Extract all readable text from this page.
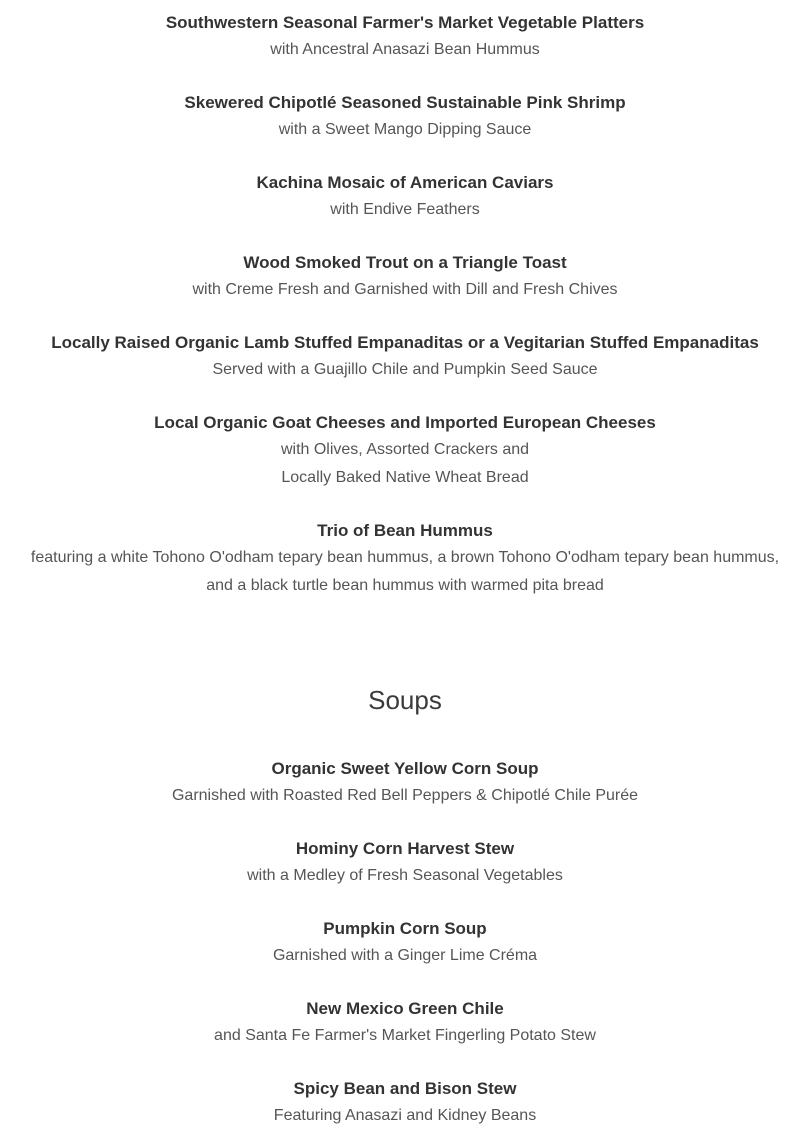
Southwestern Seasonal Farmer's Market Vegetable Platters
with Ancestral Anasazi Bean Hummus
Skewered Chipotlé Seasoned Sustainable Pink Shrimp
with a Sweet Mango Dipping Sauce
Kachina Mosaic of American Caviars
with Endive Feathers
Wood Smoked Trout on a Triangle Toast
with Creme Fresh and Garnished with Dill and Fresh Chives
Locally Raised Organic Lamb Stuffed Empanaditas or a Vegitarian Stuffed Empanaditas
Served with a Guajillo Chile and Pumpkin Seed Sauce
Local Organic Goat Cheeses and Imported European Cheeses
with Olives, Assorted Crackers and
Locally Baked Native Wheat Bread
Trio of Bean Hummus
featuring a white Tohono O'odham tepary bean hummus, a brown Tohono O'odham tepary bean hummus, and a black turtle bean hummus with warmed pita bread
Soups
Organic Sweet Yellow Corn Soup
Garnished with Roasted Red Bell Peppers & Chipotlé Chile Purée
Hominy Corn Harvest Stew
with a Medley of Fresh Seasonal Vegetables
Pumpkin Corn Soup
Garnished with a Ginger Lime Créma
New Mexico Green Chile
and Santa Fe Farmer's Market Fingerling Potato Stew
Spicy Bean and Bison Stew
Featuring Anasazi and Kidney Beans
